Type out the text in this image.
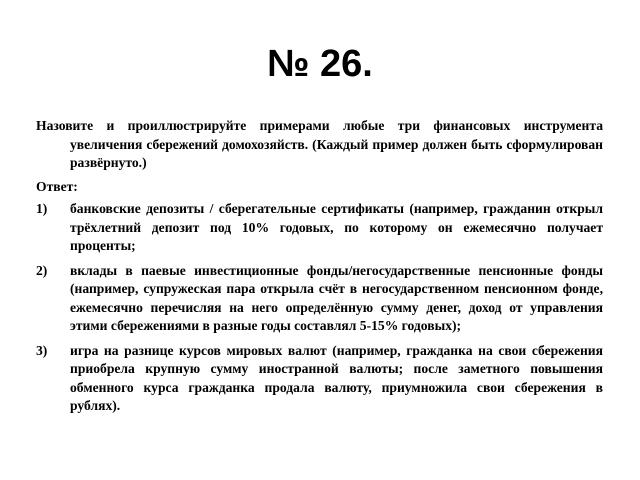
№ 26.

Назовите и проиллюстрируйте примерами любые три финансовых инструмента увеличения сбережений домохозяйств. (Каждый пример должен быть сформулирован развёрнуто.)

Ответ:

1) банковские депозиты / сберегательные сертификаты (например, гражданин открыл трёхлетний депозит под 10% годовых, по которому он ежемесячно получает проценты;
2) вклады в паевые инвестиционные фонды/негосударственные пенсионные фонды (например, супружеская пара открыла счёт в негосударственном пенсионном фонде, ежемесячно перечисляя на него определённую сумму денег, доход от управления этими сбережениями в разные годы составлял 5-15% годовых);
3) игра на разнице курсов мировых валют (например, гражданка на свои сбережения приобрела крупную сумму иностранной валюты; после заметного повышения обменного курса гражданка продала валюту, приумножила свои сбережения в рублях).
